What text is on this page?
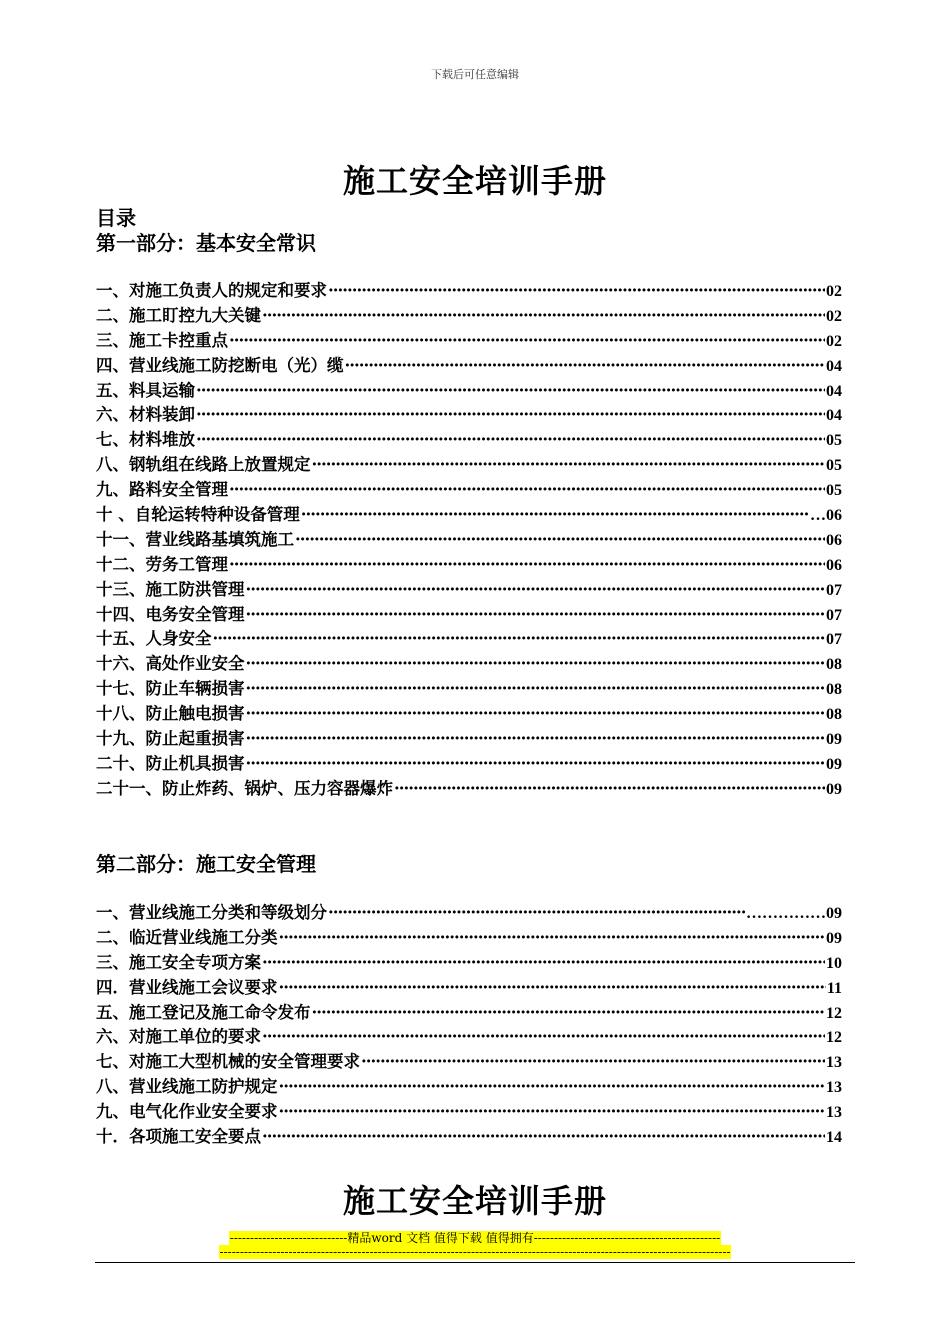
下载后可任意编辑
施工安全培训手册
目录
第一部分：基本安全常识
一、对施工负责人的规定和要求 ·····	02
二、施工盯控九大关键 ·····	02
三、施工卡控重点 ·····	02
四、营业线施工防挖断电（光）缆 ·····	04
五、料具运输 ·····	04
六、材料装卸 ·····	04
七、材料堆放 ·····	05
八、钢轨组在线路上放置规定 ·····	05
九、路料安全管理 ·····	05
十 、自轮运转特种设备管理 ·····	…06
十一、营业线路基填筑施工 ·····	06
十二、劳务工管理 ·····	06
十三、施工防洪管理 ·····	07
十四、电务安全管理 ·····	07
十五、人身安全 ·····	07
十六、高处作业安全 ·····	08
十七、防止车辆损害 ·····	08
十八、防止触电损害 ·····	08
十九、防止起重损害 ·····	09
二十、防止机具损害 ·····	09
二十一、防止炸药、锅炉、压力容器爆炸 ·····	09
第二部分：施工安全管理
一、营业线施工分类和等级划分 ·····	……………09
二、临近营业线施工分类 ·····	09
三、施工安全专项方案 ·····	10
四．营业线施工会议要求 ·····	11
五、施工登记及施工命令发布 ·····	12
六、对施工单位的要求 ·····	12
七、对施工大型机械的安全管理要求 ·····	13
八、营业线施工防护规定 ·····	13
九、电气化作业安全要求 ·····	13
十．各项施工安全要点 ·····	14
施工安全培训手册
-----------------------------精品word 文档 值得下载 值得拥有----------------------------------------------
------------------------------------------------------------------------------------------------------------------------------
